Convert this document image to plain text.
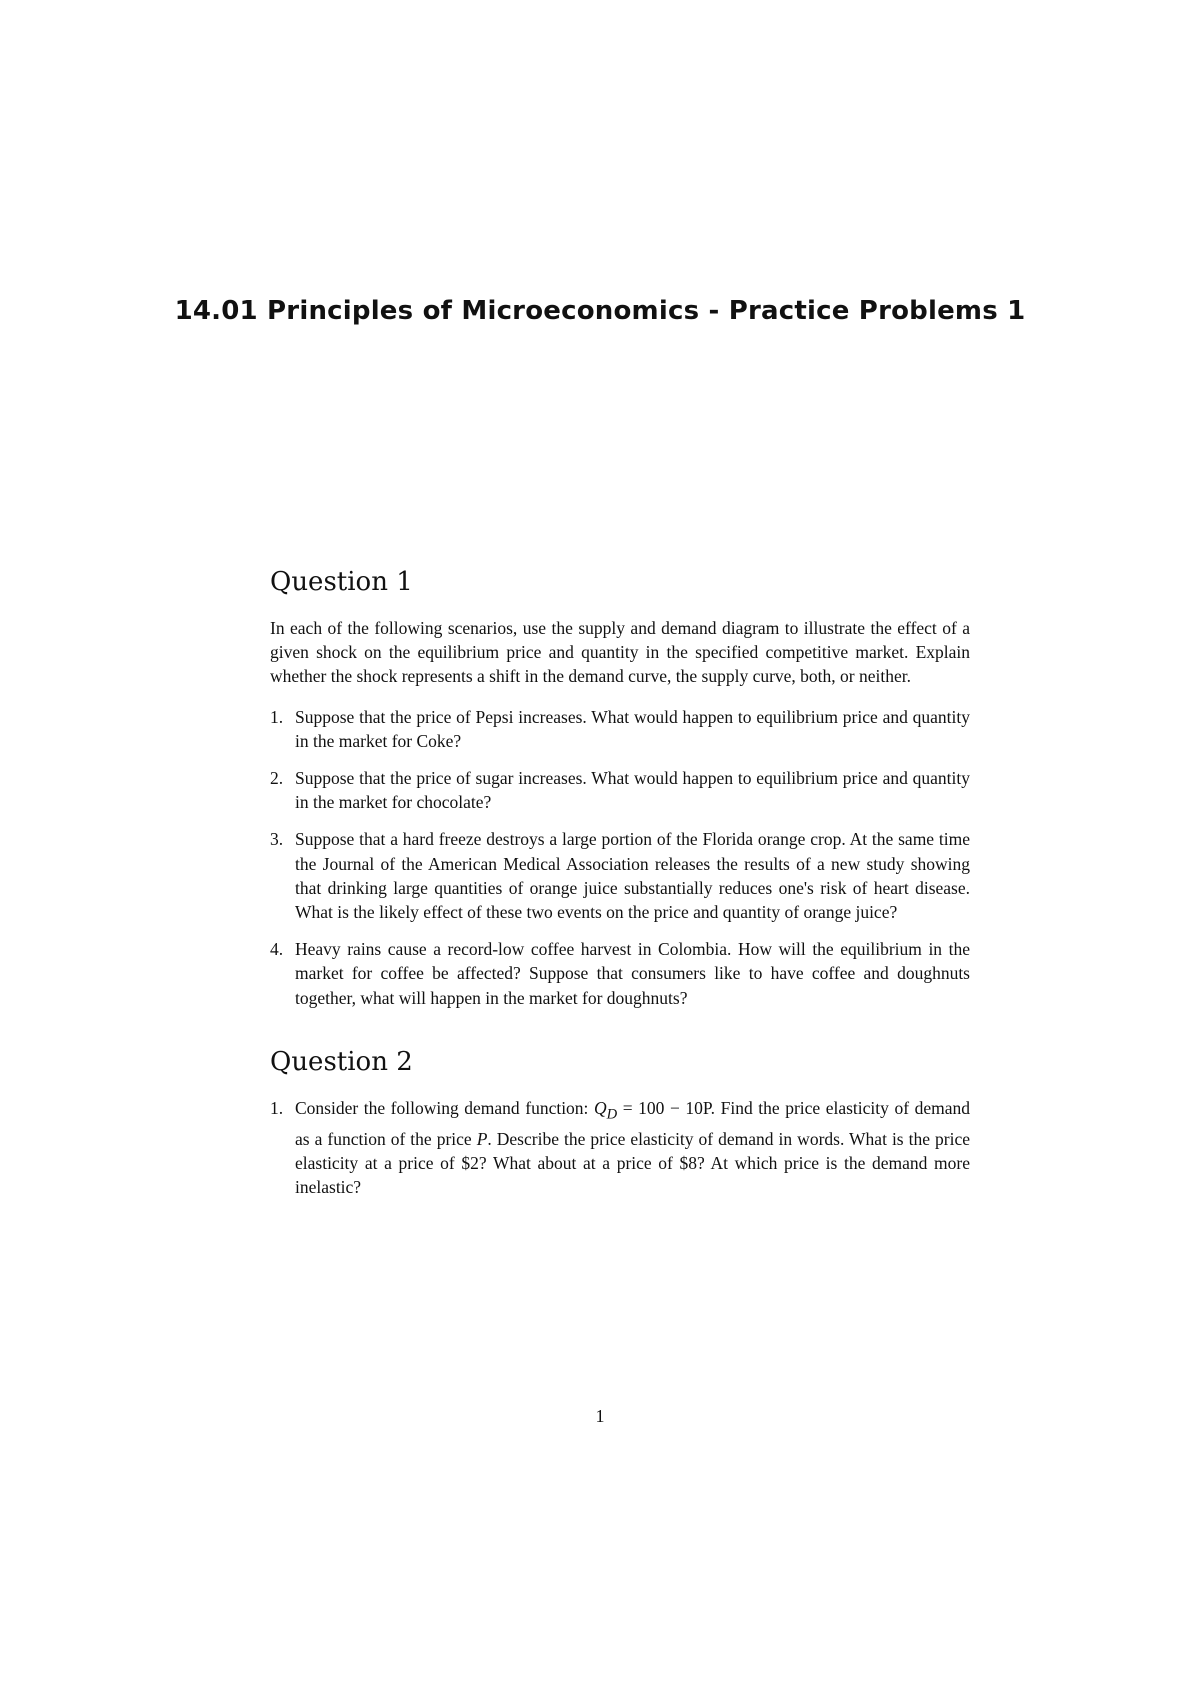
14.01 Principles of Microeconomics - Practice Problems 1
Question 1

In each of the following scenarios, use the supply and demand diagram to illustrate the effect of a given shock on the equilibrium price and quantity in the specified competitive market. Explain whether the shock represents a shift in the demand curve, the supply curve, both, or neither.

1. Suppose that the price of Pepsi increases. What would happen to equilibrium price and quantity in the market for Coke?
2. Suppose that the price of sugar increases. What would happen to equilibrium price and quantity in the market for chocolate?
3. Suppose that a hard freeze destroys a large portion of the Florida orange crop. At the same time the Journal of the American Medical Association releases the results of a new study showing that drinking large quantities of orange juice substantially reduces one's risk of heart disease. What is the likely effect of these two events on the price and quantity of orange juice?
4. Heavy rains cause a record-low coffee harvest in Colombia. How will the equilibrium in the market for coffee be affected? Suppose that consumers like to have coffee and doughnuts together, what will happen in the market for doughnuts?
Question 2
1. Consider the following demand function: $Q_D = 100 - 10P$. Find the price elasticity of demand as a function of the price P. Describe the price elasticity of demand in words. What is the price elasticity at a price of $2? What about at a price of $8? At which price is the demand more inelastic?
1
